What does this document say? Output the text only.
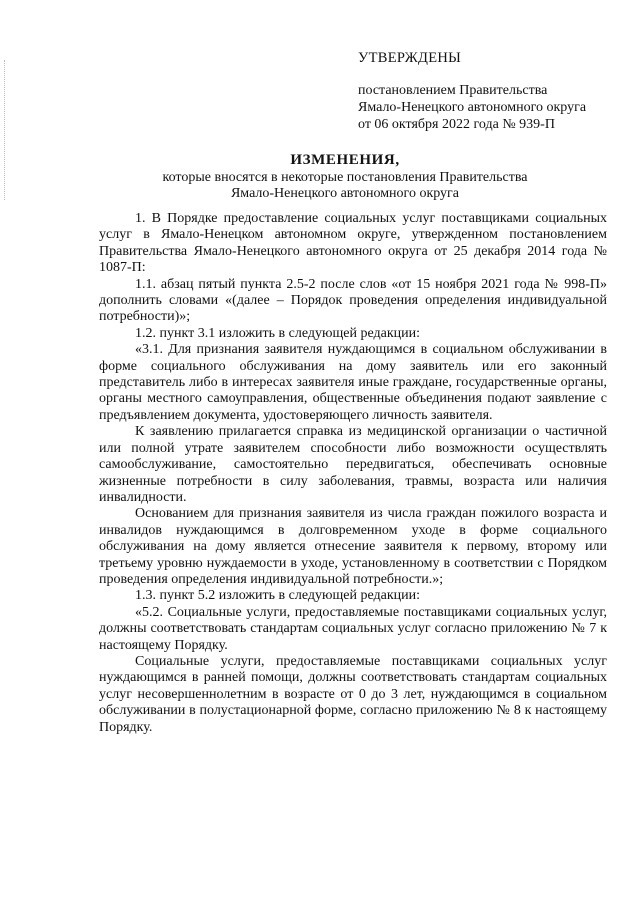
УТВЕРЖДЕНЫ
постановлением Правительства
Ямало-Ненецкого автономного округа
от 06 октября 2022 года № 939-П
ИЗМЕНЕНИЯ,
которые вносятся в некоторые постановления Правительства
Ямало-Ненецкого автономного округа

1. В Порядке предоставление социальных услуг поставщиками социальных услуг в Ямало-Ненецком автономном округе, утвержденном постановлением Правительства Ямало-Ненецкого автономного округа от 25 декабря 2014 года № 1087-П:

1.1. абзац пятый пункта 2.5-2 после слов «от 15 ноября 2021 года № 998-П» дополнить словами «(далее – Порядок проведения определения индивидуальной потребности)»;

1.2. пункт 3.1 изложить в следующей редакции:

«3.1. Для признания заявителя нуждающимся в социальном обслуживании в форме социального обслуживания на дому заявитель или его законный представитель либо в интересах заявителя иные граждане, государственные органы, органы местного самоуправления, общественные объединения подают заявление с предъявлением документа, удостоверяющего личность заявителя.

К заявлению прилагается справка из медицинской организации о частичной или полной утрате заявителем способности либо возможности осуществлять самообслуживание, самостоятельно передвигаться, обеспечивать основные жизненные потребности в силу заболевания, травмы, возраста или наличия инвалидности.

Основанием для признания заявителя из числа граждан пожилого возраста и инвалидов нуждающимся в долговременном уходе в форме социального обслуживания на дому является отнесение заявителя к первому, второму или третьему уровню нуждаемости в уходе, установленному в соответствии с Порядком проведения определения индивидуальной потребности.»;

1.3. пункт 5.2 изложить в следующей редакции:

«5.2. Социальные услуги, предоставляемые поставщиками социальных услуг, должны соответствовать стандартам социальных услуг согласно приложению № 7 к настоящему Порядку.

Социальные услуги, предоставляемые поставщиками социальных услуг нуждающимся в ранней помощи, должны соответствовать стандартам социальных услуг несовершеннолетним в возрасте от 0 до 3 лет, нуждающимся в социальном обслуживании в полустационарной форме, согласно приложению № 8 к настоящему Порядку.
